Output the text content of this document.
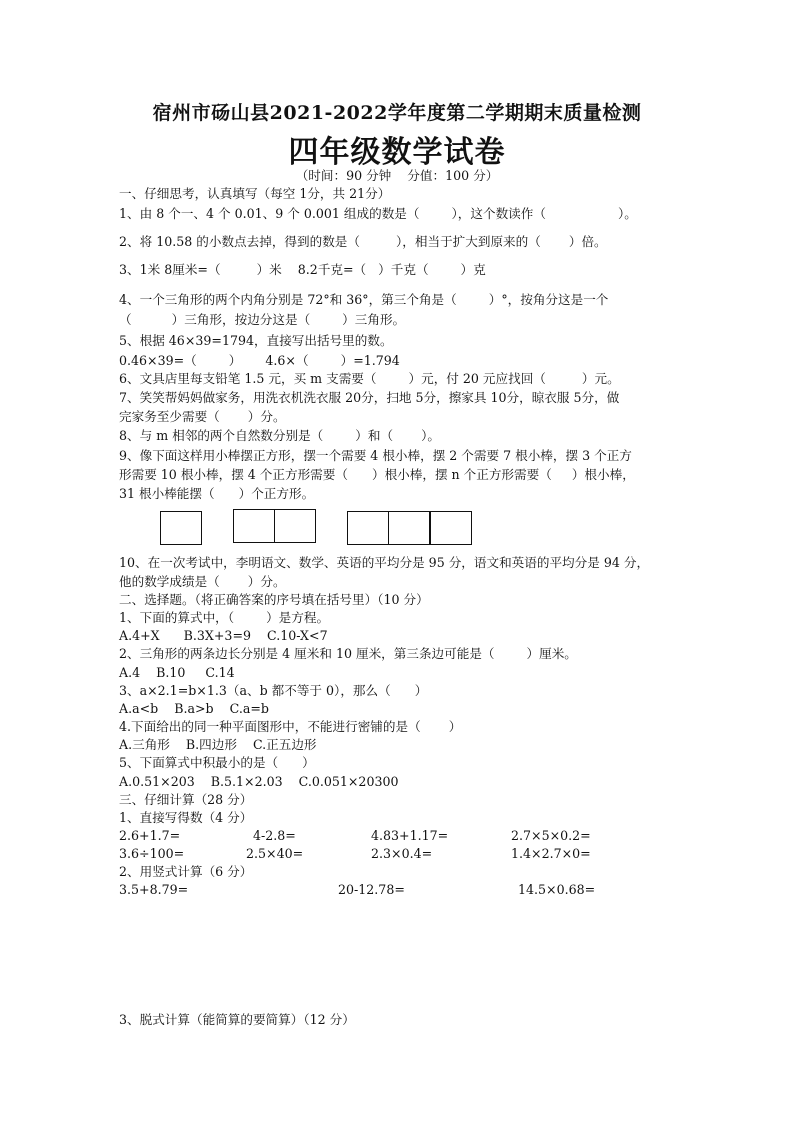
宿州市砀山县2021-2022学年度第二学期期末质量检测
四年级数学试卷
（时间：90 分钟    分值：100 分）
一、仔细思考，认真填写（每空 1分，共 21分）
1、由 8 个一、4 个 0.01、9 个 0.001 组成的数是（        ），这个数读作（                  ）。
2、将 10.58 的小数点去掉，得到的数是（         ），相当于扩大到原来的（       ）倍。
3、1米 8厘米=（         ）米    8.2千克=（   ）千克（        ）克
4、一个三角形的两个内角分别是 72°和 36°，第三个角是（        ）°，按角分这是一个
（          ）三角形，按边分这是（        ）三角形。
5、根据 46×39=1794，直接写出括号里的数。
0.46×39=（        ）      4.6×（        ）=1.794
6、文具店里每支铅笔 1.5 元，买 m 支需要（        ）元，付 20 元应找回（         ）元。
7、笑笑帮妈妈做家务，用洗衣机洗衣服 20分，扫地 5分，擦家具 10分，晾衣服 5分，做
完家务至少需要（       ）分。
8、与 m 相邻的两个自然数分别是（        ）和（       ）。
9、像下面这样用小棒摆正方形，摆一个需要 4 根小棒，摆 2 个需要 7 根小棒，摆 3 个正方
形需要 10 根小棒，摆 4 个正方形需要（      ）根小棒，摆 n 个正方形需要（     ）根小棒，
31 根小棒能摆（      ）个正方形。
10、在一次考试中，李明语文、数学、英语的平均分是 95 分，语文和英语的平均分是 94 分，
他的数学成绩是（       ）分。
二、选择题。（将正确答案的序号填在括号里）（10 分）
1、下面的算式中，（        ）是方程。
A.4+X      B.3X+3=9    C.10-X<7
2、三角形的两条边长分别是 4 厘米和 10 厘米，第三条边可能是（        ）厘米。
A.4    B.10     C.14
3、a×2.1=b×1.3（a、b 都不等于 0），那么（      ）
A.a<b    B.a>b    C.a=b
4.下面给出的同一种平面图形中，不能进行密铺的是（       ）
A.三角形    B.四边形    C.正五边形
5、下面算式中积最小的是（      ）
A.0.51×203    B.5.1×2.03    C.0.051×20300
三、仔细计算（28 分）
1、直接写得数（4 分）
2.6+1.7=	4-2.8=	4.83+1.17=	2.7×5×0.2=
3.6÷100=	2.5×40=	2.3×0.4=	1.4×2.7×0=
2、用竖式计算（6 分）
3.5+8.79=	20-12.78=	14.5×0.68=
3、脱式计算（能简算的要简算）（12 分）
